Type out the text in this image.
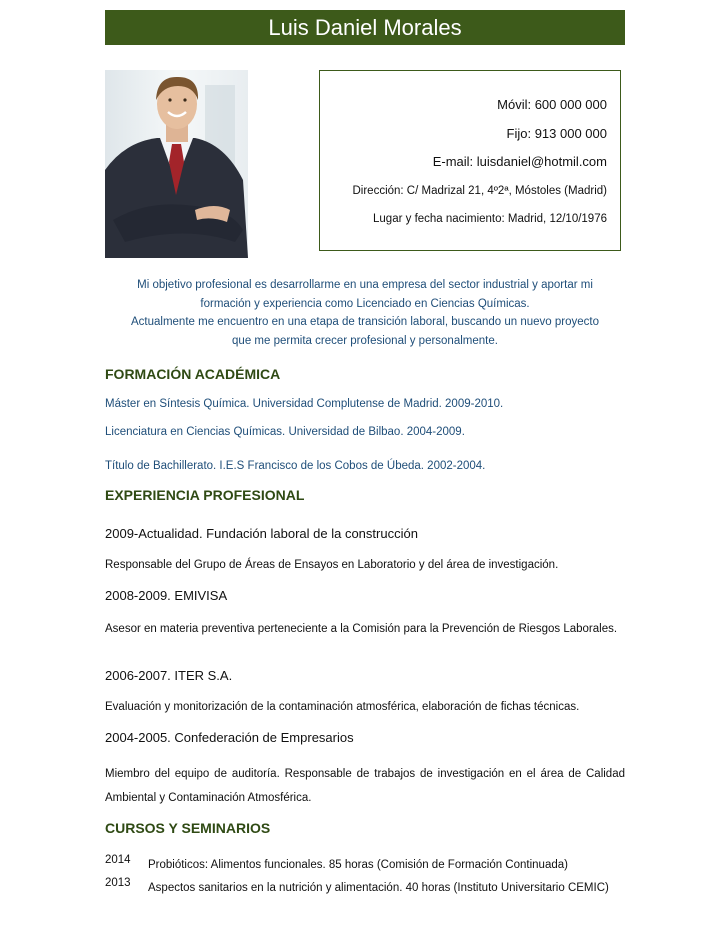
Luis Daniel Morales
Móvil: 600 000 000
Fijo: 913 000 000
E-mail: luisdaniel@hotmil.com
Dirección: C/ Madrizal 21, 4º2ª, Móstoles (Madrid)
Lugar y fecha nacimiento: Madrid, 12/10/1976
Mi objetivo profesional es desarrollarme en una empresa del sector industrial y aportar mi
formación y experiencia como Licenciado en Ciencias Químicas.
Actualmente me encuentro en una etapa de transición laboral, buscando un nuevo proyecto
que me permita crecer profesional y personalmente.
FORMACIÓN ACADÉMICA
Máster en Síntesis Química. Universidad Complutense de Madrid. 2009-2010.
Licenciatura en Ciencias Químicas. Universidad de Bilbao. 2004-2009.
Título de Bachillerato. I.E.S Francisco de los Cobos de Úbeda. 2002-2004.
EXPERIENCIA PROFESIONAL
2009-Actualidad. Fundación laboral de la construcción
Responsable del Grupo de Áreas de Ensayos en Laboratorio y del área de investigación.
2008-2009. EMIVISA
Asesor en materia preventiva perteneciente a la Comisión para la Prevención de Riesgos Laborales.
2006-2007. ITER S.A.
Evaluación y monitorización de la contaminación atmosférica, elaboración de fichas técnicas.
2004-2005. Confederación de Empresarios
Miembro del equipo de auditoría. Responsable de trabajos de investigación en el área de Calidad Ambiental y Contaminación Atmosférica.
CURSOS Y SEMINARIOS
2014 Probióticos: Alimentos funcionales. 85 horas (Comisión de Formación Continuada)
2013 Aspectos sanitarios en la nutrición y alimentación. 40 horas (Instituto Universitario CEMIC)
